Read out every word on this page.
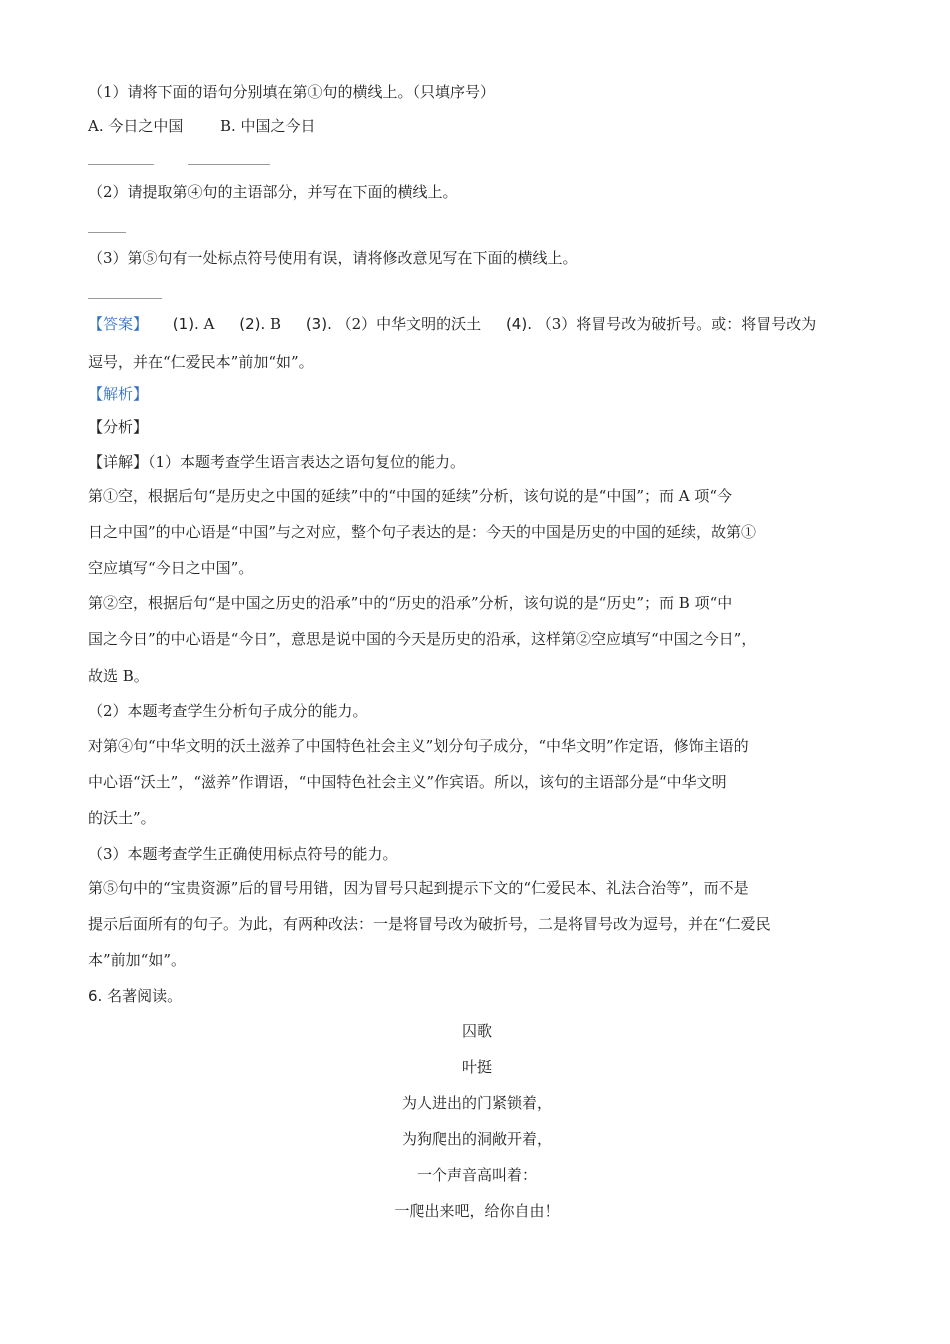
（1）请将下面的语句分别填在第①句的横线上。（只填序号）

A. 今日之中国 B. 中国之今日

（2）请提取第④句的主语部分，并写在下面的横线上。

（3）第⑤句有一处标点符号使用有误，请将修改意见写在下面的横线上。

【答案】 (1). A (2). B (3). （2）中华文明的沃土 (4). （3）将冒号改为破折号。或：将冒号改为

逗号，并在“仁爱民本”前加“如”。

【解析】

【分析】

【详解】（1）本题考查学生语言表达之语句复位的能力。

第①空，根据后句“是历史之中国的延续”中的“中国的延续”分析，该句说的是“中国”；而 A 项“今

日之中国”的中心语是“中国”与之对应，整个句子表达的是：今天的中国是历史的中国的延续，故第①

空应填写“今日之中国”。

第②空，根据后句“是中国之历史的沿承”中的“历史的沿承”分析，该句说的是“历史”；而 B 项“中

国之今日”的中心语是“今日”，意思是说中国的今天是历史的沿承，这样第②空应填写“中国之今日”，

故选 B。

（2）本题考查学生分析句子成分的能力。

对第④句“中华文明的沃土滋养了中国特色社会主义”划分句子成分，“中华文明”作定语，修饰主语的

中心语“沃土”，“滋养”作谓语，“中国特色社会主义”作宾语。所以，该句的主语部分是“中华文明

的沃土”。

（3）本题考查学生正确使用标点符号的能力。

第⑤句中的“宝贵资源”后的冒号用错，因为冒号只起到提示下文的“仁爱民本、礼法合治等”，而不是

提示后面所有的句子。为此，有两种改法：一是将冒号改为破折号，二是将冒号改为逗号，并在“仁爱民

本”前加“如”。

6. 名著阅读。

囚歌

叶挺

为人进出的门紧锁着，

为狗爬出的洞敞开着，

一个声音高叫着：

一爬出来吧，给你自由！
